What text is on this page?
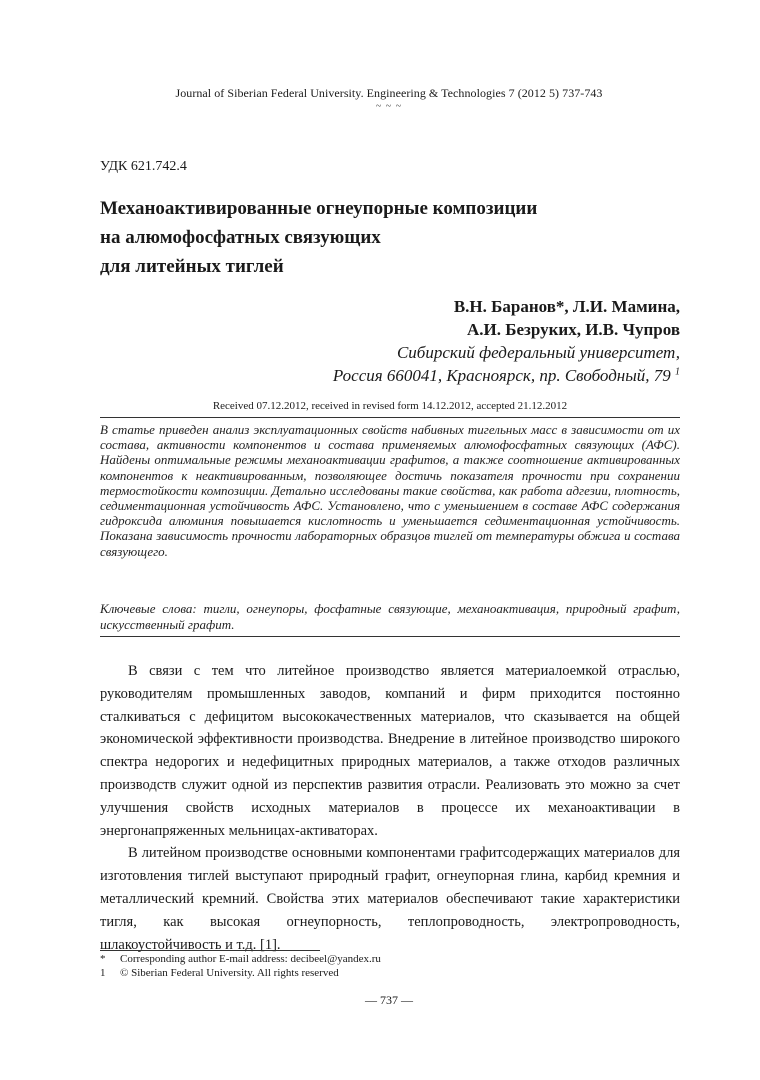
Journal of Siberian Federal University. Engineering & Technologies 7 (2012 5) 737-743
~ ~ ~
УДК 621.742.4
Механоактивированные огнеупорные композиции
на алюмофосфатных связующих
для литейных тиглей
В.Н. Баранов*, Л.И. Мамина,
А.И. Безруких, И.В. Чупров
Сибирский федеральный университет,
Россия 660041, Красноярск, пр. Свободный, 79 $^1$
Received 07.12.2012, received in revised form 14.12.2012, accepted 21.12.2012
В статье приведен анализ эксплуатационных свойств набивных тигельных масс в зависимости от их состава, активности компонентов и состава применяемых алюмофосфатных связующих (АФС). Найдены оптимальные режимы механоактивации графитов, а также соотношение активированных компонентов к неактивированным, позволяющее достичь показателя прочности при сохранении термостойкости композиции. Детально исследованы такие свойства, как работа адгезии, плотность, седиментационная устойчивость АФС. Установлено, что с уменьшением в составе АФС содержания гидроксида алюминия повышается кислотность и уменьшается седиментационная устойчивость. Показана зависимость прочности лабораторных образцов тиглей от температуры обжига и состава связующего.
Ключевые слова: тигли, огнеупоры, фосфатные связующие, механоактивация, природный графит, искусственный графит.

В связи с тем что литейное производство является материалоемкой отраслью, руководителям промышленных заводов, компаний и фирм приходится постоянно сталкиваться с дефицитом высококачественных материалов, что сказывается на общей экономической эффективности производства. Внедрение в литейное производство широкого спектра недорогих и недефицитных природных материалов, а также отходов различных производств служит одной из перспектив развития отрасли. Реализовать это можно за счет улучшения свойств исходных материалов в процессе их механоактивации в энергонапряженных мельницах-активаторах.

В литейном производстве основными компонентами графитсодержащих материалов для изготовления тиглей выступают природный графит, огнеупорная глина, карбид кремния и металлический кремний. Свойства этих материалов обеспечивают такие характеристики тигля, как высокая огнеупорность, теплопроводность, электропроводность, шлакоустойчивость и т.д. [1].

*	Corresponding author E-mail address: decibeel@yandex.ru
1	© Siberian Federal University. All rights reserved
— 737 —
